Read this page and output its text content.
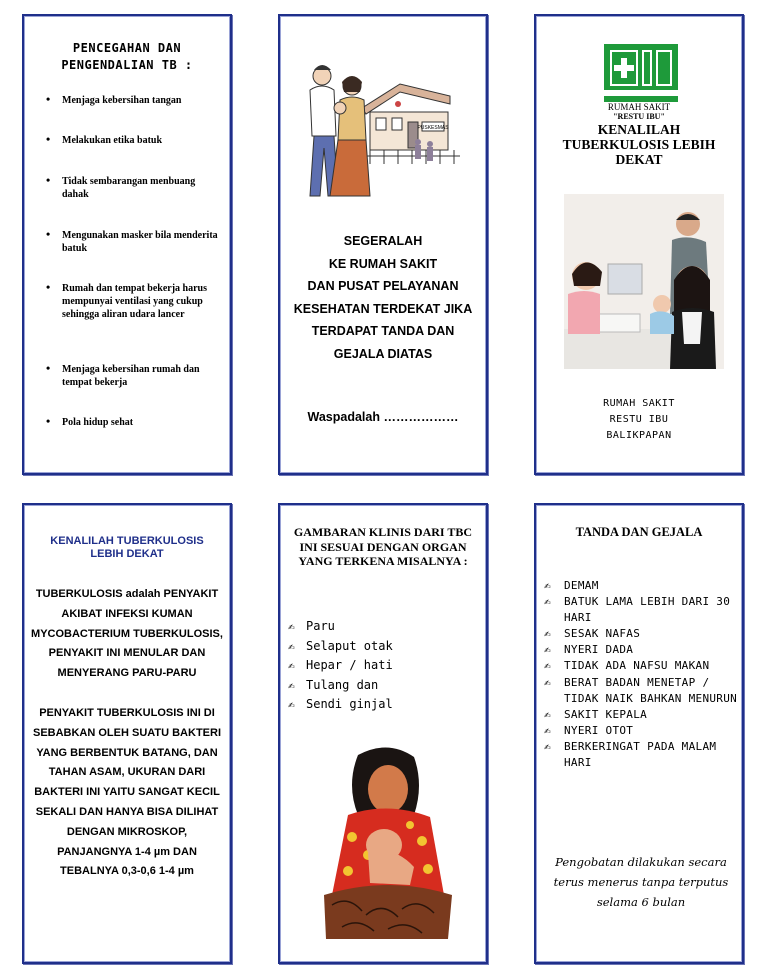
PENCEGAHAN DAN
PENGENDALIAN TB :
• Menjaga kebersihan tangan
• Melakukan etika batuk
• Tidak sembarangan menbuang dahak
• Mengunakan masker bila menderita batuk
• Rumah dan tempat bekerja harus mempunyai ventilasi yang cukup sehingga aliran udara lancer
• Menjaga kebersihan rumah dan tempat bekerja
• Pola hidup sehat
PUSKESMAS
SEGERALAH
KE RUMAH SAKIT
DAN PUSAT PELAYANAN
KESEHATAN TERDEKAT JIKA
TERDAPAT TANDA DAN
GEJALA DIATAS
Waspadalah ………………
RUMAH SAKIT
"RESTU IBU"
KENALILAH
TUBERKULOSIS LEBIH
DEKAT
RUMAH SAKIT
RESTU IBU
BALIKPAPAN
KENALILAH TUBERKULOSIS
LEBIH DEKAT
TUBERKULOSIS adalah PENYAKIT AKIBAT INFEKSI KUMAN MYCOBACTERIUM TUBERKULOSIS, PENYAKIT INI MENULAR DAN MENYERANG PARU-PARU
PENYAKIT TUBERKULOSIS INI DI SEBABKAN OLEH SUATU BAKTERI YANG BERBENTUK BATANG, DAN TAHAN ASAM, UKURAN DARI BAKTERI INI YAITU SANGAT KECIL SEKALI DAN HANYA BISA DILIHAT DENGAN MIKROSKOP, PANJANGNYA 1-4 µm DAN TEBALNYA 0,3-0,6 1-4 µm
GAMBARAN KLINIS DARI TBC INI SESUAI DENGAN ORGAN YANG TERKENA MISALNYA :
✍ Paru
✍ Selaput otak
✍ Hepar / hati
✍ Tulang dan
✍ Sendi ginjal
TANDA DAN GEJALA
✍	DEMAM
✍	BATUK LAMA LEBIH DARI 30 HARI
✍	SESAK NAFAS
✍	NYERI DADA
✍	TIDAK ADA NAFSU MAKAN
✍	BERAT BADAN MENETAP / TIDAK NAIK BAHKAN MENURUN
✍	SAKIT KEPALA
✍	NYERI OTOT
✍	BERKERINGAT PADA MALAM HARI
Pengobatan dilakukan secara terus menerus tanpa terputus selama 6 bulan
